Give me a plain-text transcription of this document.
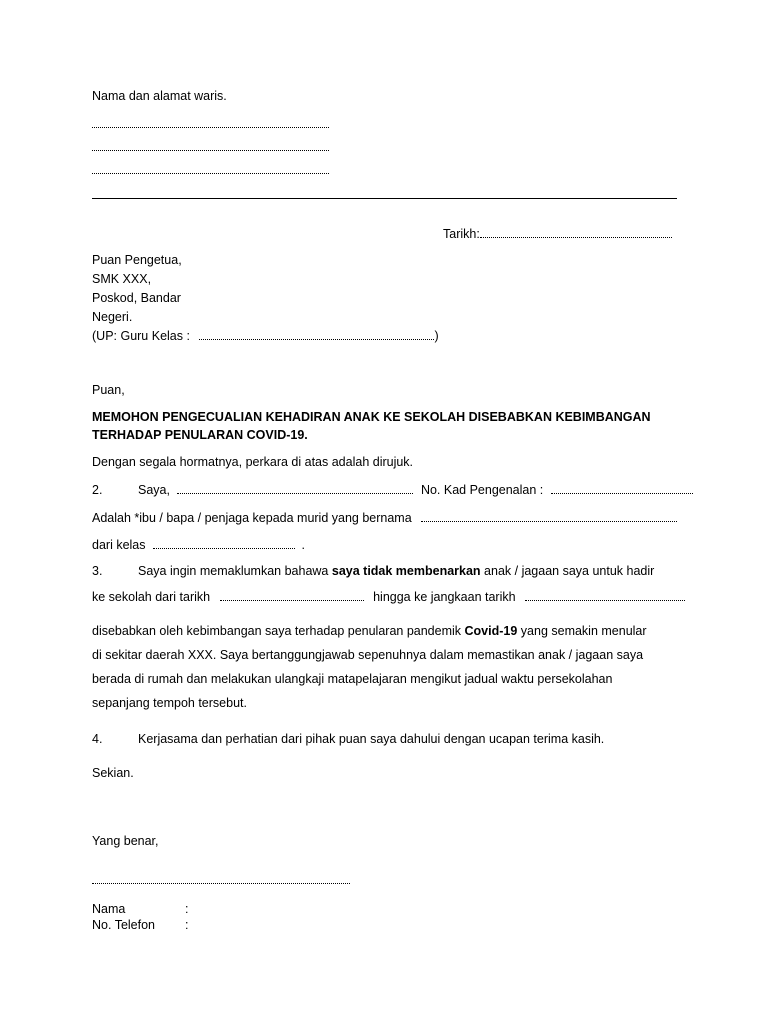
Nama dan alamat waris.
Tarikh:
Puan Pengetua,
SMK XXX,
Poskod, Bandar
Negeri.
(UP: Guru Kelas :	)
Puan,
MEMOHON PENGECUALIAN KEHADIRAN ANAK KE SEKOLAH DISEBABKAN KEBIMBANGAN
TERHADAP PENULARAN COVID-19.
Dengan segala hormatnya, perkara di atas adalah dirujuk.
2.	Saya,	No. Kad Pengenalan :
Adalah *ibu / bapa / penjaga kepada murid yang bernama
dari kelas	.
3.	Saya ingin memaklumkan bahawa saya tidak membenarkan anak / jagaan saya untuk hadir
ke sekolah dari tarikh	hingga ke jangkaan tarikh
disebabkan oleh kebimbangan saya terhadap penularan pandemik Covid-19 yang semakin menular
di sekitar daerah XXX. Saya bertanggungjawab sepenuhnya dalam memastikan anak / jagaan saya
berada di rumah dan melakukan ulangkaji matapelajaran mengikut jadual waktu persekolahan
sepanjang tempoh tersebut.
4.	Kerjasama dan perhatian dari pihak puan saya dahului dengan ucapan terima kasih.
Sekian.
Yang benar,
Nama	:
No. Telefon :
